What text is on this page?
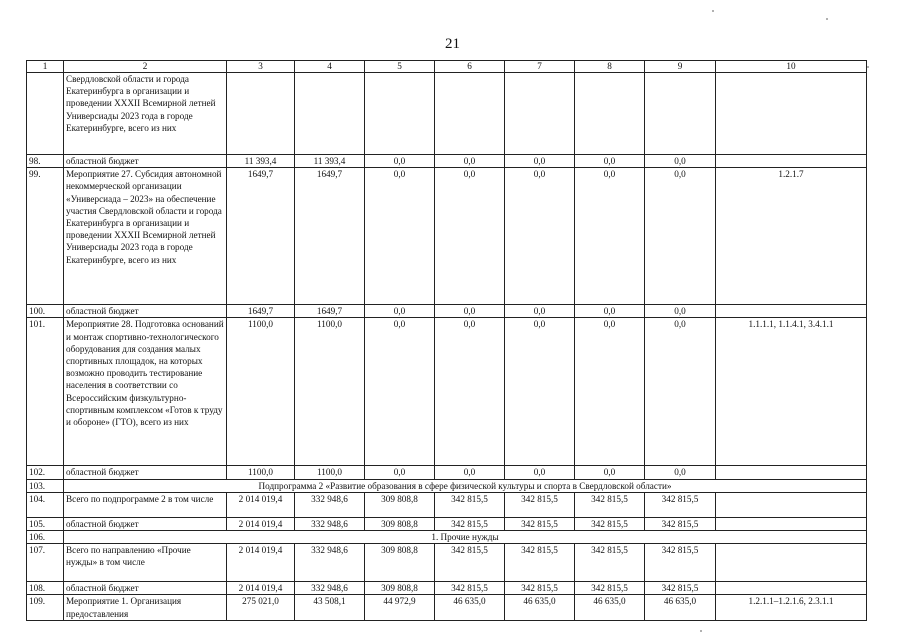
21
1	2	3	4	5	6	7	8	9	10
	Свердловской области и города Екатеринбурга в организации и проведении XXXII Всемирной летней Универсиады 2023 года в городе Екатеринбурге, всего из них								
98.	областной бюджет	11 393,4	11 393,4	0,0	0,0	0,0	0,0	0,0	
99.	Мероприятие 27. Субсидия автономной некоммерческой организации «Универсиада – 2023» на обеспечение участия Свердловской области и города Екатеринбурга в организации и проведении XXXII Всемирной летней Универсиады 2023 года в городе Екатеринбурге, всего из них	1649,7	1649,7	0,0	0,0	0,0	0,0	0,0	1.2.1.7
100.	областной бюджет	1649,7	1649,7	0,0	0,0	0,0	0,0	0,0	
101.	Мероприятие 28. Подготовка оснований и монтаж спортивно-технологического оборудования для создания малых спортивных площадок, на которых возможно проводить тестирование населения в соответствии со Всероссийским физкультурно-спортивным комплексом «Готов к труду и обороне» (ГТО), всего из них	1100,0	1100,0	0,0	0,0	0,0	0,0	0,0	1.1.1.1, 1.1.4.1, 3.4.1.1
102.	областной бюджет	1100,0	1100,0	0,0	0,0	0,0	0,0	0,0	
103.	Подпрограмма 2 «Развитие образования в сфере физической культуры и спорта в Свердловской области»								
104.	Всего по подпрограмме 2 в том числе	2 014 019,4	332 948,6	309 808,8	342 815,5	342 815,5	342 815,5	342 815,5	
105.	областной бюджет	2 014 019,4	332 948,6	309 808,8	342 815,5	342 815,5	342 815,5	342 815,5	
106.	1. Прочие нужды								
107.	Всего по направлению «Прочие нужды» в том числе	2 014 019,4	332 948,6	309 808,8	342 815,5	342 815,5	342 815,5	342 815,5	
108.	областной бюджет	2 014 019,4	332 948,6	309 808,8	342 815,5	342 815,5	342 815,5	342 815,5	
109.	Мероприятие 1. Организация предоставления	275 021,0	43 508,1	44 972,9	46 635,0	46 635,0	46 635,0	46 635,0	1.2.1.1–1.2.1.6, 2.3.1.1
